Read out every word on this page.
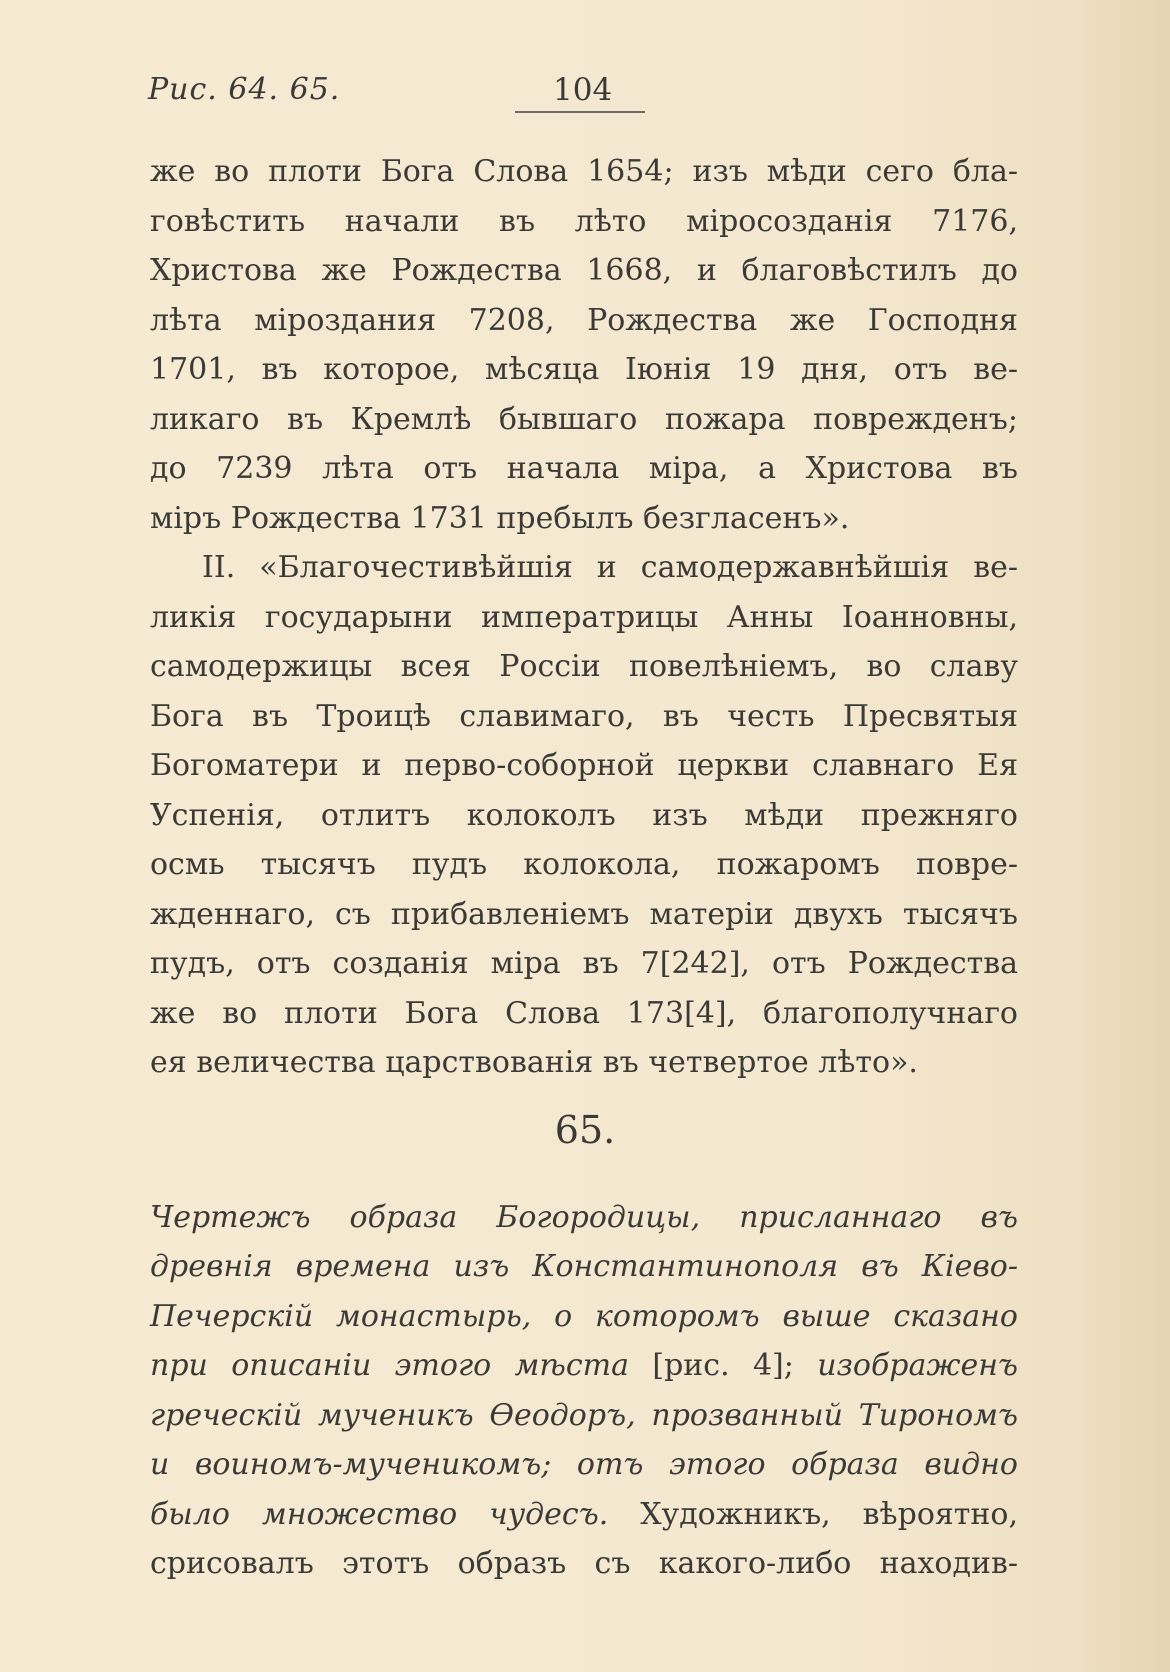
Рис. 64. 65.	104
же во плоти Бога Слова 1654; изъ мѣди сего бла-
говѣстить начали въ лѣто міросозданія 7176,
Христова же Рождества 1668, и благовѣстилъ до
лѣта міроздания 7208, Рождества же Господня
1701, въ которое, мѣсяца Іюнія 19 дня, отъ ве-
ликаго въ Кремлѣ бывшаго пожара поврежденъ;
до 7239 лѣта отъ начала міра, а Христова въ
міръ Рождества 1731 пребылъ безгласенъ».
II. «Благочестивѣйшія и самодержавнѣйшія ве-
ликія государыни императрицы Анны Іоанновны,
самодержицы всея Россіи повелѣніемъ, во славу
Бога въ Троицѣ славимаго, въ честь Пресвятыя
Богоматери и перво-соборной церкви славнаго Ея
Успенія, отлитъ колоколъ изъ мѣди прежняго
осмь тысячъ пудъ колокола, пожаромъ повре-
жденнаго, съ прибавленіемъ матеріи двухъ тысячъ
пудъ, отъ созданія міра въ 7[242], отъ Рождества
же во плоти Бога Слова 173[4], благополучнаго
ея величества царствованія въ четвертое лѣто».
65.
Чертежъ образа Богородицы, присланнаго въ
древнія времена изъ Константинополя въ Кіево-
Печерскій монастырь, о которомъ выше сказано
при описаніи этого мѣста [рис. 4]; изображенъ
греческій мученикъ Ѳеодоръ, прозванный Тирономъ
и воиномъ-мученикомъ; отъ этого образа видно
было множество чудесъ. Художникъ, вѣроятно,
срисовалъ этотъ образъ съ какого-либо находив-
